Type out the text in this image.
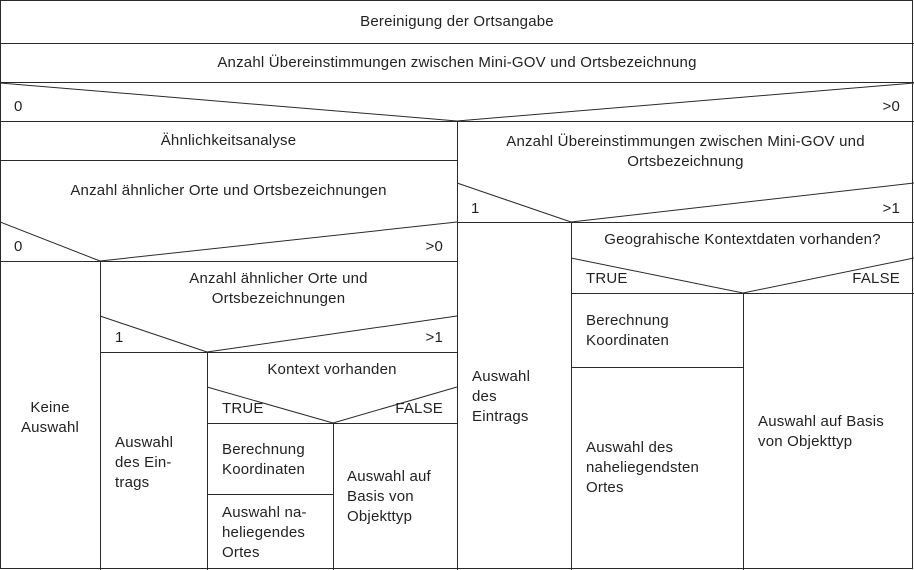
Bereinigung der Ortsangabe
Anzahl Übereinstimmungen zwischen Mini-GOV und Ortsbezeichnung
0	>0
Ähnlichkeitsanalyse
Anzahl ähnlicher Orte und Ortsbezeichnungen
0	>0
Keine
Auswahl
Anzahl ähnlicher Orte und
Ortsbezeichnungen
1	>1
Auswahl
des Ein-
trags
Kontext vorhanden
TRUE	FALSE
Berechnung
Koordinaten
Auswahl na-
heliegendes
Ortes
Auswahl auf
Basis von
Objekttyp
Anzahl Übereinstimmungen zwischen Mini-GOV und
Ortsbezeichnung
1	>1
Auswahl
des
Eintrags
Geograhische Kontextdaten vorhanden?
TRUE	FALSE
Berechnung
Koordinaten
Auswahl des
naheliegendsten
Ortes
Auswahl auf Basis
von Objekttyp
